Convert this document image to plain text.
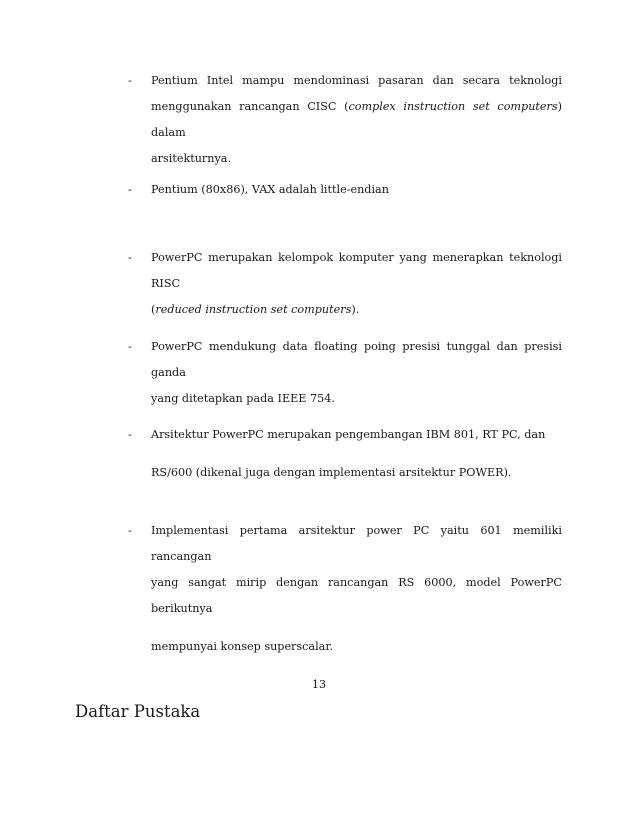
- Pentium Intel mampu mendominasi pasaran dan secara teknologi
menggunakan rancangan CISC (complex instruction set computers) dalam
arsitekturnya.
- Pentium (80x86), VAX adalah little-endian
- PowerPC merupakan kelompok komputer yang menerapkan teknologi RISC
(reduced instruction set computers).
- PowerPC mendukung data floating poing presisi tunggal dan presisi ganda
yang ditetapkan pada IEEE 754.
- Arsitektur PowerPC merupakan pengembangan IBM 801, RT PC, dan
RS/600 (dikenal juga dengan implementasi arsitektur POWER).
- Implementasi pertama arsitektur power PC yaitu 601 memiliki rancangan
yang sangat mirip dengan rancangan RS 6000, model PowerPC berikutnya
mempunyai konsep superscalar.
13
Daftar Pustaka
